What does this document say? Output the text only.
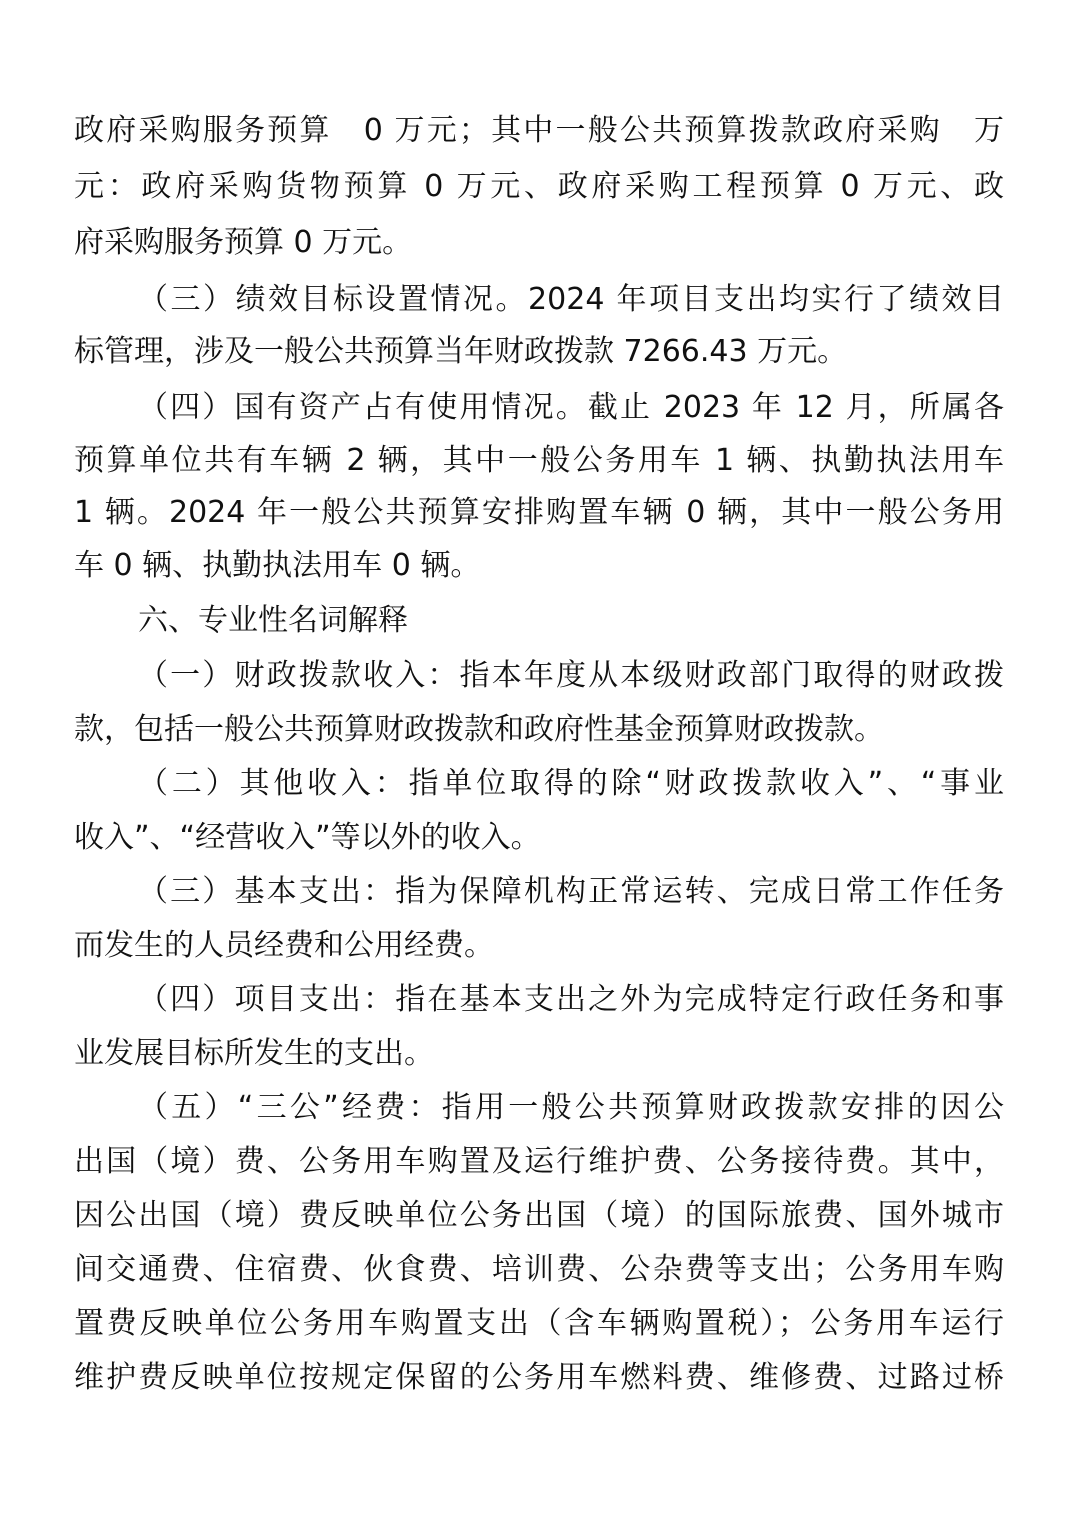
政府采购服务预算　0 万元；其中一般公共预算拨款政府采购　万
元：政府采购货物预算 0 万元、政府采购工程预算 0 万元、政
府采购服务预算 0 万元。
（三）绩效目标设置情况。2024 年项目支出均实行了绩效目
标管理，涉及一般公共预算当年财政拨款 7266.43 万元。
（四）国有资产占有使用情况。截止 2023 年 12 月，所属各
预算单位共有车辆 2 辆，其中一般公务用车 1 辆、执勤执法用车
1 辆。2024 年一般公共预算安排购置车辆 0 辆，其中一般公务用
车 0 辆、执勤执法用车 0 辆。
六、专业性名词解释
（一）财政拨款收入：指本年度从本级财政部门取得的财政拨
款，包括一般公共预算财政拨款和政府性基金预算财政拨款。
（二）其他收入：指单位取得的除“财政拨款收入”、“事业
收入”、“经营收入”等以外的收入。
（三）基本支出：指为保障机构正常运转、完成日常工作任务
而发生的人员经费和公用经费。
（四）项目支出：指在基本支出之外为完成特定行政任务和事
业发展目标所发生的支出。
（五）“三公”经费：指用一般公共预算财政拨款安排的因公
出国（境）费、公务用车购置及运行维护费、公务接待费。其中，
因公出国（境）费反映单位公务出国（境）的国际旅费、国外城市
间交通费、住宿费、伙食费、培训费、公杂费等支出；公务用车购
置费反映单位公务用车购置支出（含车辆购置税）；公务用车运行
维护费反映单位按规定保留的公务用车燃料费、维修费、过路过桥
